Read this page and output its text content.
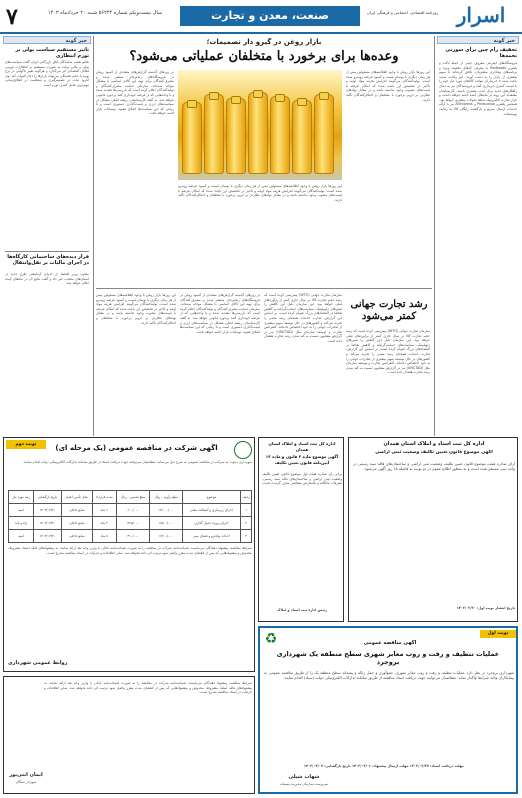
۷	سال بیست‌ویکم شماره ۵۶۲۴۴ شنبه ۲۰ خردادماه ۱۴۰۳	صنعت، معدن و تجارت	روزنامه اقتصادی، اجتماعی و فرهنگی ایران اسرار
خبر گونه
تخفیف رام چین برای سورتی تخمه‌ها
فروشگاه‌های اینترنتی معروف چینی از جمله ناکت و پلتفرم Redboots با معرفی کدهای تخفیف ویژه و برنامه‌های وفاداری مشتریان، تلاش کرده‌اند تا سهم بیشتری از بازار را به دست آورند. این رقابت شدید باعث شده تا خریداران بتوانند کالاهای مورد نیاز خود را با قیمت کمتری خریداری کنند و فروشندگان نیز به دنبال راهکارهای جدید برای جذب مشتری باشند. کارشناسان معتقدند این روند در ماه‌های آینده ادامه خواهد داشت و بازار تجارت الکترونیک شاهد تحولات بیشتری خواهد بود. همچنین پلتفرم Pinduoduo و AliExpress نیز با ارائه خدمات ارسال سریع و بازگشت رایگان کالا به رقابت پیوسته‌اند.
خبر گونه
تأثیر مستقیم سیاست پولی بر تورم انتظاری
عضو هیئت نمایندگان اتاق بازرگانی ایران گفت سیاست‌های پولی و مالی دولت به صورت مستقیم بر انتظارات تورمی فعالان اقتصادی اثر می‌گذارد و هرگونه تغییر ناگهانی در نرخ بهره یا حجم نقدینگی می‌تواند بازارها را دچار التهاب کند. وی افزود ثبات در تصمیم‌گیری و شفافیت در اطلاع‌رسانی مهم‌ترین عامل کنترل تورم است.
فراز دیده‌های ساختمانی کارگاه‌ها در اجرای مالیات بر نقل‌وانتقال
معاون وزیر اقتصاد از اجرای آزمایشی طرح جدید در استان‌های منتخب خبر داد و گفت نتایج آن در ماه‌های آینده اعلام خواهد شد.
بازار روغن در گیرو دار تصمیمات؛
وعده‌ها برای برخورد با متخلفان عملیاتی می‌شود؟
این روزها بازار روغن با وجود اطلاعیه‌های مسئولین بیش از هر زمان دیگری با نوسان قیمت و کمبود عرضه روبه‌رو شده است. تولیدکنندگان می‌گویند افزایش هزینه مواد اولیه و تأخیر در تخصیص ارز باعث شده که امکان عرضه با قیمت‌های مصوب وجود نداشته باشد و در مقابل نهادهای نظارتی بر لزوم برخورد با متخلفان و احتکارکنندگان تأکید دارند.
در روزهای گذشته گزارش‌های متعددی از کمبود روغن در فروشگاه‌های زنجیره‌ای منتشر شده و مصرف‌کنندگان برای تهیه این کالای اساسی با مشکل مواجه شده‌اند. سازمان حمایت مصرف‌کنندگان و تولیدکنندگان اعلام کرده است که بازرسی‌ها تشدید شده و با واحدهایی که از عرضه خودداری کنند برخورد قانونی خواهد شد. به گفته کارشناسان، ریشه اصلی مشکل در سیاست‌های ارزی و قیمت‌گذاری دستوری است و تا زمانی که این سیاست‌ها اصلاح نشود، نوسانات بازار ادامه خواهد یافت.
این روزها بازار روغن با وجود اطلاعیه‌های مسئولین بیش از هر زمان دیگری با نوسان قیمت و کمبود عرضه روبه‌رو شده است. تولیدکنندگان می‌گویند افزایش هزینه مواد اولیه و تأخیر در تخصیص ارز باعث شده که امکان عرضه با قیمت‌های مصوب وجود نداشته باشد و در مقابل نهادهای نظارتی بر لزوم برخورد با متخلفان و احتکارکنندگان تأکید دارند.
رشد تجارت جهانی کمتر می‌شود
سازمان تجارت جهانی (WTO) پیش‌بینی کرده است که رشد حجم تجارت کالا در سال جاری کمتر از برآوردهای قبلی خواهد بود. این سازمان دلیل این کاهش را تنش‌های ژئوپلیتیک، سیاست‌های حمایت‌گرایانه و کاهش تقاضا در اقتصادهای بزرگ عنوان کرده است. بر اساس این گزارش، تجارت خدمات همچنان رشد مثبتی را تجربه می‌کند و کشورهای در حال توسعه سهم بیشتری از صادرات جهانی را به خود اختصاص داده‌اند. کنفرانس تجارت و توسعه سازمان ملل (UNCTAD) نیز در گزارش مشابهی نسبت به کند شدن رشد تجارت هشدار داده است.
سازمان تجارت جهانی (WTO) پیش‌بینی کرده است که رشد حجم تجارت کالا در سال جاری کمتر از برآوردهای قبلی خواهد بود. این سازمان دلیل این کاهش را تنش‌های ژئوپلیتیک، سیاست‌های حمایت‌گرایانه و کاهش تقاضا در اقتصادهای بزرگ عنوان کرده است. بر اساس این گزارش، تجارت خدمات همچنان رشد مثبتی را تجربه می‌کند و کشورهای در حال توسعه سهم بیشتری از صادرات جهانی را به خود اختصاص داده‌اند. کنفرانس تجارت و توسعه سازمان ملل (UNCTAD) نیز در گزارش مشابهی نسبت به کند شدن رشد تجارت هشدار داده است.
در روزهای گذشته گزارش‌های متعددی از کمبود روغن در فروشگاه‌های زنجیره‌ای منتشر شده و مصرف‌کنندگان برای تهیه این کالای اساسی با مشکل مواجه شده‌اند. سازمان حمایت مصرف‌کنندگان و تولیدکنندگان اعلام کرده است که بازرسی‌ها تشدید شده و با واحدهایی که از عرضه خودداری کنند برخورد قانونی خواهد شد. به گفته کارشناسان، ریشه اصلی مشکل در سیاست‌های ارزی و قیمت‌گذاری دستوری است و تا زمانی که این سیاست‌ها اصلاح نشود، نوسانات بازار ادامه خواهد یافت.
این روزها بازار روغن با وجود اطلاعیه‌های مسئولین بیش از هر زمان دیگری با نوسان قیمت و کمبود عرضه روبه‌رو شده است. تولیدکنندگان می‌گویند افزایش هزینه مواد اولیه و تأخیر در تخصیص ارز باعث شده که امکان عرضه با قیمت‌های مصوب وجود نداشته باشد و در مقابل نهادهای نظارتی بر لزوم برخورد با متخلفان و احتکارکنندگان تأکید دارند.
اداره کل ثبت اسناد و املاک استان همدان
آگهی موضوع قانون تعیین تکلیف وضعیت ثبتی اراضی
آرای صادره هیئت موضوع قانون تعیین تکلیف وضعیت ثبتی اراضی و ساختمان‌های فاقد سند رسمی در واحد ثبتی مستقر شده است و به منظور اطلاع عموم در دو نوبت به فاصله ۱۵ روز آگهی می‌شود.
تاریخ انتشار نوبت اول: ۱۴۰۳/۰۳/۲۰
اداره کل ثبت اسناد و املاک استان همدان
آگهی موضوع ماده ۳ قانون و ماده ۱۳ آیین‌نامه قانون تعیین تکلیف
برابر رأی صادره هیئت اول موضوع قانون تعیین تکلیف وضعیت ثبتی اراضی و ساختمان‌های فاقد سند رسمی، تصرفات مالکانه و بلامعارض متقاضی محرز گردیده است.
رئیس اداره ثبت اسناد و املاک
نوبت دوم	آگهی شرکت در مناقصه عمومی (یک مرحله ای)
شهرداری دعوت به شرکت در مناقصه عمومی به شرح ذیل می‌نماید. متقاضیان می‌توانند جهت دریافت اسناد از طریق سامانه تدارکات الکترونیکی دولت اقدام نمایند.
ردیف	موضوع	مبلغ برآورد - ریال	مبلغ تضمین - ریال	مدت قرارداد	محل تأمین اعتبار	تاریخ بازگشایی	رتبه مورد نیاز
۱	اجرای زیرسازی و آسفالت معابر	۱۲/۰۰۰/۰۰۰	۶۰۰/۰۰۰	۶ ماه	منابع داخلی	۱۴۰۳/۰۳/۳۰	ابنیه
۲	اجرای پروژه جدول گذاری	۸/۵۰۰/۰۰۰	۴۲۵/۰۰۰	۴ ماه	منابع داخلی	۱۴۰۳/۰۳/۳۰	راه و باند
۳	احداث پیاده‌رو و فضای سبز	۶/۲۰۰/۰۰۰	۳۱۰/۰۰۰	۵ ماه	منابع داخلی	۱۴۰۳/۰۳/۳۰	ابنیه
شرایط مناقصه: پیشنهاد دهندگان می‌بایست ضمانت‌نامه شرکت در مناقصه را به صورت ضمانت‌نامه بانکی یا واریز وجه نقد ارائه نمایند. به پیشنهادهای فاقد امضا، مشروط، مخدوش و پیشنهادهایی که پس از انقضای مدت مقرر واصل شود ترتیب اثر داده نخواهد شد. سایر اطلاعات و جزئیات در اسناد مناقصه مندرج است.
روابط عمومی شهرداری
نوبت اول
♻	آگهی مناقصه عمومی
عملیات تنظیف و رفت و روب معابر شهری سطح منطقه یک شهرداری بروجرد
شهرداری بروجرد در نظر دارد عملیات تنظیف و رفت و روب معابر شهری، جمع‌آوری و حمل زباله و پسماند سطح منطقه یک را از طریق مناقصه عمومی به پیمانکاران واجد شرایط واگذار نماید. متقاضیان می‌توانند جهت دریافت اسناد مناقصه از طریق سامانه تدارکات الکترونیکی دولت (ستاد) اقدام نمایند.
مهلت دریافت اسناد: ۱۴۰۳/۰۳/۲۷ مهلت ارسال پیشنهاد: ۱۴۰۳/۰۴/۰۶ تاریخ بازگشایی: ۱۴۰۳/۰۴/۰۷
شهاب شیلی
سرپرست سازمان مدیریت پسماند
شرایط مناقصه: پیشنهاد دهندگان می‌بایست ضمانت‌نامه شرکت در مناقصه را به صورت ضمانت‌نامه بانکی یا واریز وجه نقد ارائه نمایند. به پیشنهادهای فاقد امضا، مشروط، مخدوش و پیشنهادهایی که پس از انقضای مدت مقرر واصل شود ترتیب اثر داده نخواهد شد. سایر اطلاعات و جزئیات در اسناد مناقصه مندرج است.
ایمان آنتی‌پور
شهردار شنگان
